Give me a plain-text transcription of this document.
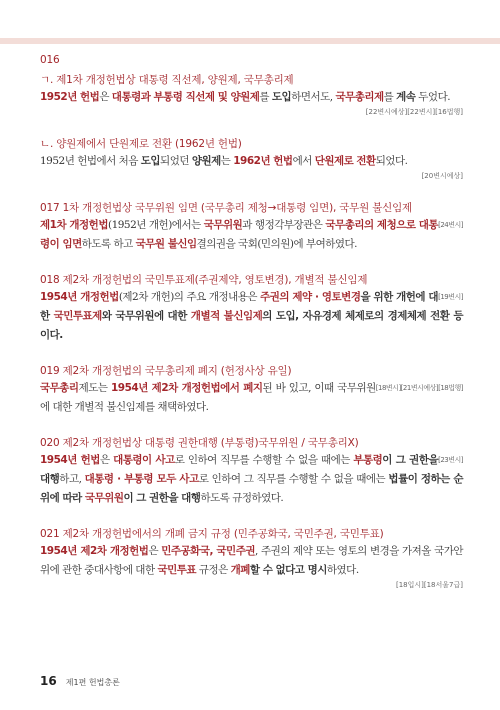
016
ㄱ. 제1차 개정헌법상 대통령 직선제, 양원제, 국무총리제
1952년 헌법은 대통령과 부통령 직선제 및 양원제를 도입하면서도, 국무총리제를 계속 두었다.
[22변시예상][22변시][16법행]
ㄴ. 양원제에서 단원제로 전환 (1962년 헌법)
1952년 헌법에서 처음 도입되었던 양원제는 1962년 헌법에서 단원제로 전환되었다.
[20변시예상]
017 1차 개정헌법상 국무위원 임면 (국무총리 제청→대통령 임면), 국무원 불신임제
[24변시]
제1차 개정헌법(1952년 개헌)에서는 국무위원과 행정각부장관은 국무총리의 제청으로 대통령이 임면하도록 하고 국무원 불신임결의권을 국회(민의원)에 부여하였다.
018 제2차 개정헌법의 국민투표제(주권제약, 영토변경), 개별적 불신임제
[19변시]
1954년 개정헌법(제2차 개헌)의 주요 개정내용은 주권의 제약 · 영토변경을 위한 개헌에 대한 국민투표제와 국무위원에 대한 개별적 불신임제의 도입, 자유경제 체제로의 경제체제 전환 등이다.
019 제2차 개정헌법의 국무총리제 폐지 (헌정사상 유일)
[18변시][21변시예상][18법행]
국무총리제도는 1954년 제2차 개정헌법에서 폐지된 바 있고, 이때 국무위원에 대한 개별적 불신임제를 채택하였다.
020 제2차 개정헌법상 대통령 권한대행 (부통령)국무위원 / 국무총리X)
[23변시]
1954년 헌법은 대통령이 사고로 인하여 직무를 수행할 수 없을 때에는 부통령이 그 권한을 대행하고, 대통령 · 부통령 모두 사고로 인하여 그 직무를 수행할 수 없을 때에는 법률이 정하는 순위에 따라 국무위원이 그 권한을 대행하도록 규정하였다.
021 제2차 개정헌법에서의 개폐 금지 규정 (민주공화국, 국민주권, 국민투표)
1954년 제2차 개정헌법은 민주공화국, 국민주권, 주권의 제약 또는 영토의 변경을 가져올 국가안위에 관한 중대사항에 대한 국민투표 규정은 개폐할 수 없다고 명시하였다.
[18입시][18서울7급]
16 제1편 헌법총론
